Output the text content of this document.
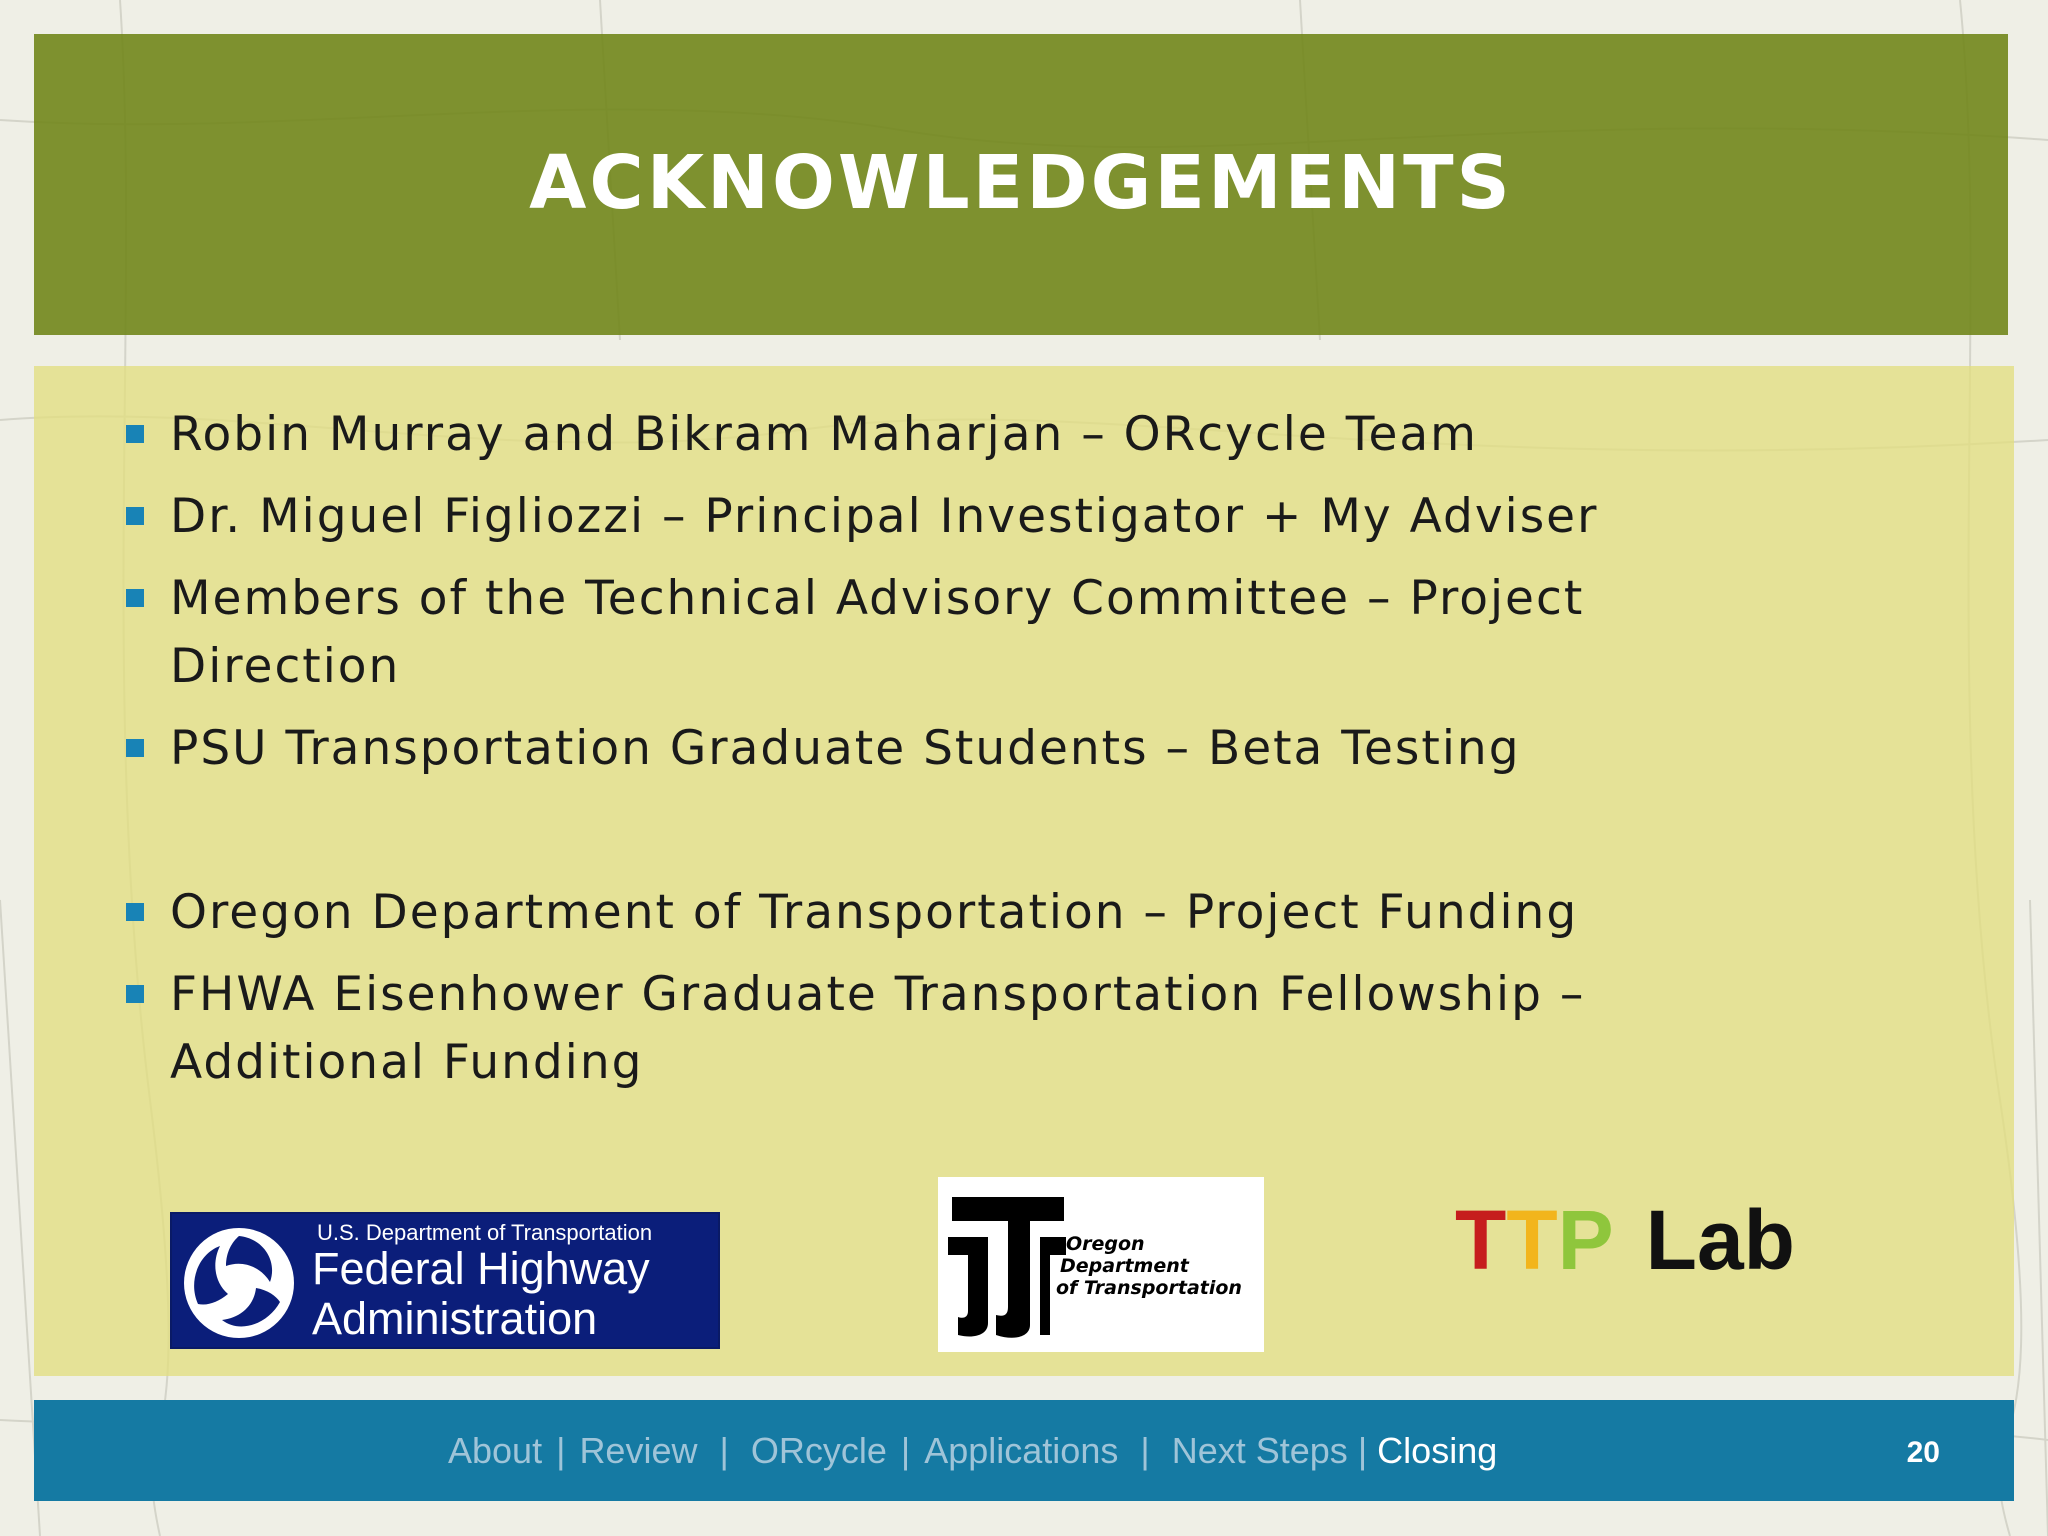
ACKNOWLEDGEMENTS
Robin Murray and Bikram Maharjan – ORcycle Team
Dr. Miguel Figliozzi – Principal Investigator + My Adviser
Members of the Technical Advisory Committee – Project Direction
PSU Transportation Graduate Students – Beta Testing
Oregon Department of Transportation – Project Funding
FHWA Eisenhower Graduate Transportation Fellowship – Additional Funding
U.S. Department of Transportation
Federal Highway
Administration
Oregon
Department
of Transportation
T T P Lab
About | Review | ORcycle | Applications | Next Steps | Closing	20
